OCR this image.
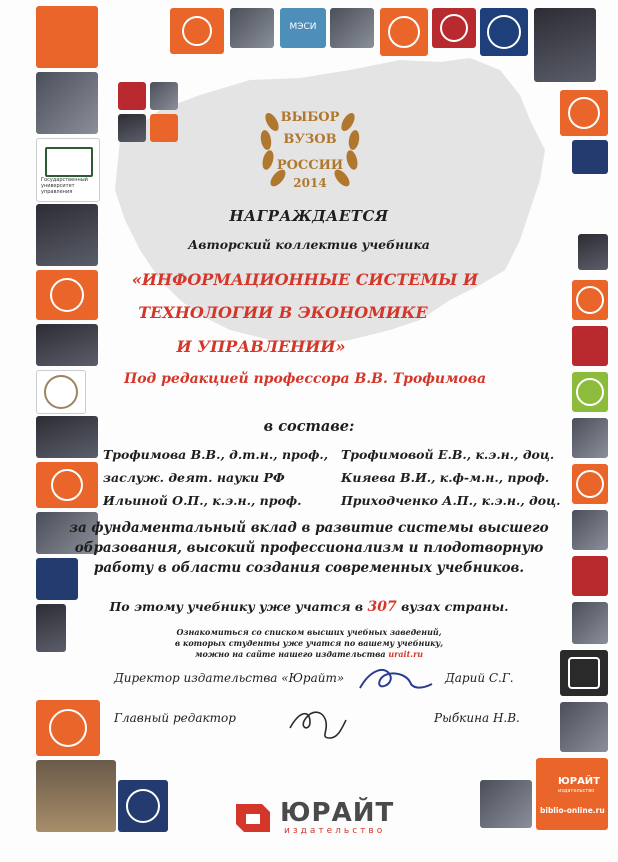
Государственный
университет
управления
МЭСИ
ЮРАЙТ
издательство
biblio-online.ru
ВЫБОР
ВУЗОВ
РОССИИ
2014
НАГРАЖДАЕТСЯ
Авторский коллектив учебника
«ИНФОРМАЦИОННЫЕ СИСТЕМЫ И
ТЕХНОЛОГИИ В ЭКОНОМИКЕ
И УПРАВЛЕНИИ»
Под редакцией профессора В.В. Трофимова
в составе:
Трофимова В.В., д.т.н., проф.,
заслуж. деят. науки РФ
Ильиной О.П., к.э.н., проф.
Трофимовой Е.В., к.э.н., доц.
Кияева В.И., к.ф-м.н., проф.
Приходченко А.П., к.э.н., доц.
за фундаментальный вклад в развитие системы высшего
образования, высокий профессионализм и плодотворную
работу в области создания современных учебников.
По этому учебнику уже учатся в 307 вузах страны.
Ознакомиться со списком высших учебных заведений,
в которых студенты уже учатся по вашему учебнику,
можно на сайте нашего издательства urait.ru
Директор издательства «Юрайт»	Дарий С.Г.
Главный редактор	Рыбкина Н.В.
ЮРАЙТ
издательство
